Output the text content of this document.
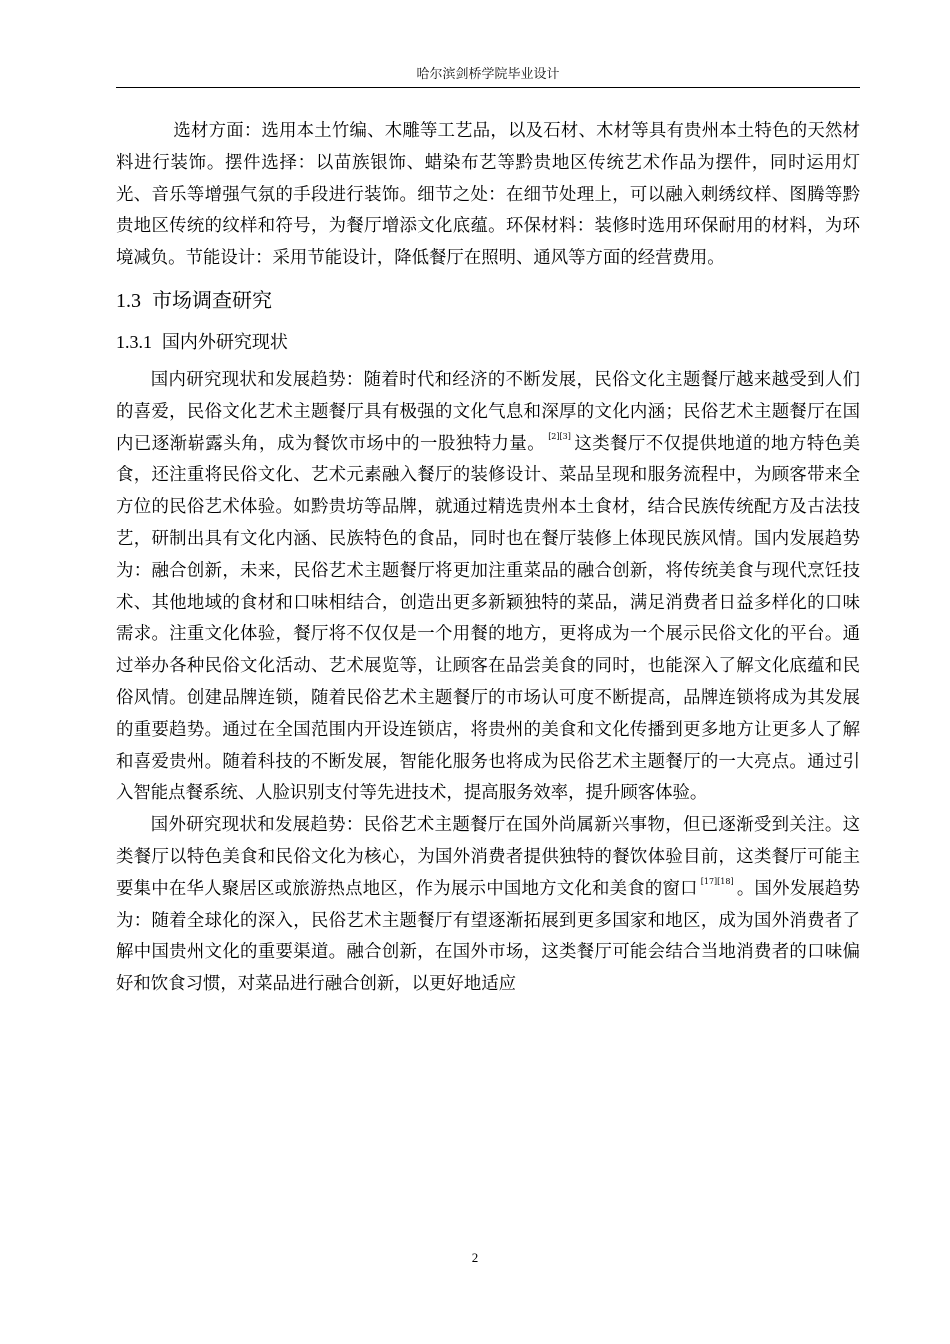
哈尔滨剑桥学院毕业设计

选材方面：选用本土竹编、木雕等工艺品，以及石材、木材等具有贵州本土特色的天然材料进行装饰。摆件选择：以苗族银饰、蜡染布艺等黔贵地区传统艺术作品为摆件，同时运用灯光、音乐等增强气氛的手段进行装饰。细节之处：在细节处理上，可以融入刺绣纹样、图腾等黔贵地区传统的纹样和符号，为餐厅增添文化底蕴。环保材料：装修时选用环保耐用的材料，为环境减负。节能设计：采用节能设计，降低餐厅在照明、通风等方面的经营费用。

1.3 市场调查研究
1.3.1 国内外研究现状

国内研究现状和发展趋势：随着时代和经济的不断发展，民俗文化主题餐厅越来越受到人们的喜爱，民俗文化艺术主题餐厅具有极强的文化气息和深厚的文化内涵；民俗艺术主题餐厅在国内已逐渐崭露头角，成为餐饮市场中的一股独特力量。 [2][3] 这类餐厅不仅提供地道的地方特色美食，还注重将民俗文化、艺术元素融入餐厅的装修设计、菜品呈现和服务流程中，为顾客带来全方位的民俗艺术体验。如黔贵坊等品牌，就通过精选贵州本土食材，结合民族传统配方及古法技艺，研制出具有文化内涵、民族特色的食品，同时也在餐厅装修上体现民族风情。国内发展趋势为：融合创新，未来，民俗艺术主题餐厅将更加注重菜品的融合创新，将传统美食与现代烹饪技术、其他地域的食材和口味相结合，创造出更多新颖独特的菜品，满足消费者日益多样化的口味需求。注重文化体验，餐厅将不仅仅是一个用餐的地方，更将成为一个展示民俗文化的平台。通过举办各种民俗文化活动、艺术展览等，让顾客在品尝美食的同时，也能深入了解文化底蕴和民俗风情。创建品牌连锁，随着民俗艺术主题餐厅的市场认可度不断提高，品牌连锁将成为其发展的重要趋势。通过在全国范围内开设连锁店，将贵州的美食和文化传播到更多地方让更多人了解和喜爱贵州。随着科技的不断发展，智能化服务也将成为民俗艺术主题餐厅的一大亮点。通过引入智能点餐系统、人脸识别支付等先进技术，提高服务效率，提升顾客体验。

国外研究现状和发展趋势：民俗艺术主题餐厅在国外尚属新兴事物，但已逐渐受到关注。这类餐厅以特色美食和民俗文化为核心，为国外消费者提供独特的餐饮体验目前，这类餐厅可能主要集中在华人聚居区或旅游热点地区，作为展示中国地方文化和美食的窗口 [17][18] 。国外发展趋势为：随着全球化的深入，民俗艺术主题餐厅有望逐渐拓展到更多国家和地区，成为国外消费者了解中国贵州文化的重要渠道。融合创新，在国外市场，这类餐厅可能会结合当地消费者的口味偏好和饮食习惯，对菜品进行融合创新，以更好地适应

2
